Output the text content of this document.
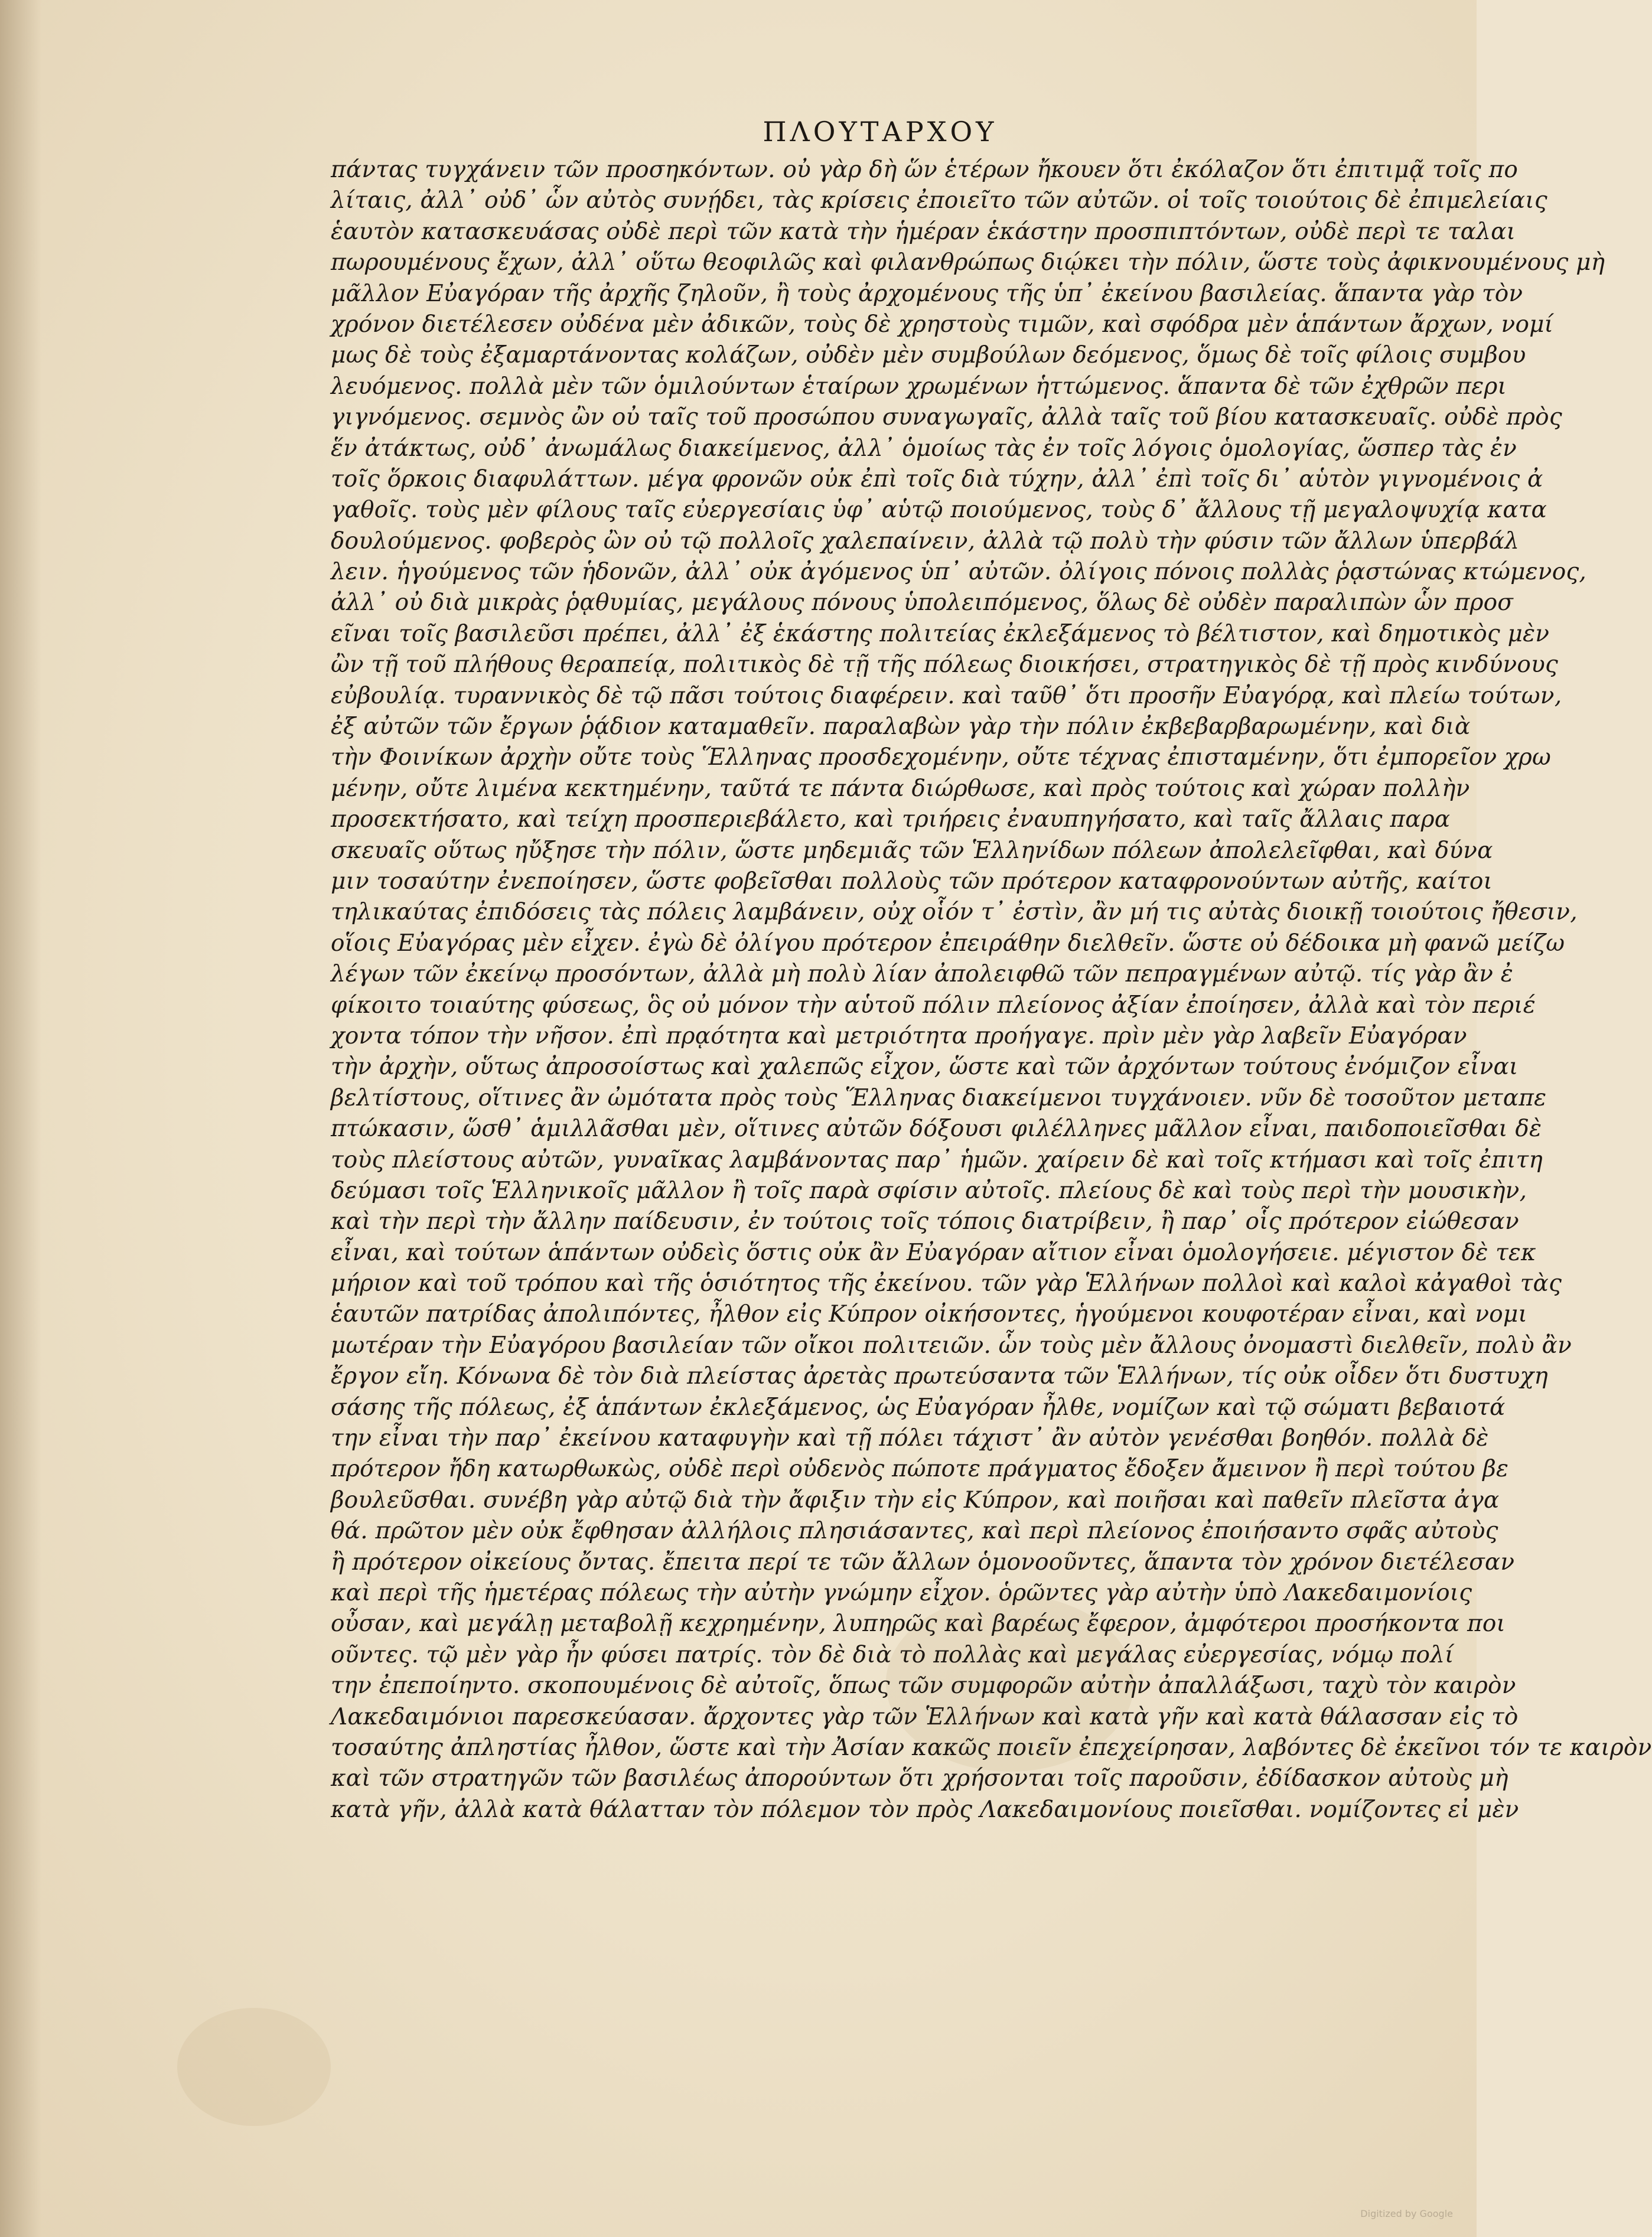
ΠΛΟΥΤΑΡΧΟΥ
πάντας τυγχάνειν τῶν προσηκόντων. οὐ γὰρ δὴ ὥν ἑτέρων ἤκουεν ὅτι ἐκόλαζον ὅτι ἐπιτιμᾷ τοῖς πο
λίταις, ἀλλ᾽ οὐδ᾽ ὧν αὐτὸς συνῄδει, τὰς κρίσεις ἐποιεῖτο τῶν αὐτῶν. οἱ τοῖς τοιούτοις δὲ ἐπιμελείαις
ἑαυτὸν κατασκευάσας οὐδὲ περὶ τῶν κατὰ τὴν ἡμέραν ἑκάστην προσπιπτόντων, οὐδὲ περὶ τε ταλαι
πωρουμένους ἔχων, ἀλλ᾽ οὕτω θεοφιλῶς καὶ φιλανθρώπως διῴκει τὴν πόλιν, ὥστε τοὺς ἀφικνουμένους μὴ
μᾶλλον Εὐαγόραν τῆς ἀρχῆς ζηλοῦν, ἢ τοὺς ἀρχομένους τῆς ὑπ᾽ ἐκείνου βασιλείας. ἅπαντα γὰρ τὸν
χρόνον διετέλεσεν οὐδένα μὲν ἀδικῶν, τοὺς δὲ χρηστοὺς τιμῶν, καὶ σφόδρα μὲν ἁπάντων ἄρχων, νομί
μως δὲ τοὺς ἐξαμαρτάνοντας κολάζων, οὐδὲν μὲν συμβούλων δεόμενος, ὅμως δὲ τοῖς φίλοις συμβου
λευόμενος. πολλὰ μὲν τῶν ὁμιλούντων ἑταίρων χρωμένων ἡττώμενος. ἅπαντα δὲ τῶν ἐχθρῶν περι
γιγνόμενος. σεμνὸς ὢν οὐ ταῖς τοῦ προσώπου συναγωγαῖς, ἀλλὰ ταῖς τοῦ βίου κατασκευαῖς. οὐδὲ πρὸς
ἕν ἀτάκτως, οὐδ᾽ ἀνωμάλως διακείμενος, ἀλλ᾽ ὁμοίως τὰς ἐν τοῖς λόγοις ὁμολογίας, ὥσπερ τὰς ἐν
τοῖς ὅρκοις διαφυλάττων. μέγα φρονῶν οὐκ ἐπὶ τοῖς διὰ τύχην, ἀλλ᾽ ἐπὶ τοῖς δι᾽ αὑτὸν γιγνομένοις ἀ
γαθοῖς. τοὺς μὲν φίλους ταῖς εὐεργεσίαις ὑφ᾽ αὑτῷ ποιούμενος, τοὺς δ᾽ ἄλλους τῇ μεγαλοψυχίᾳ κατα
δουλούμενος. φοβερὸς ὢν οὐ τῷ πολλοῖς χαλεπαίνειν, ἀλλὰ τῷ πολὺ τὴν φύσιν τῶν ἄλλων ὑπερβάλ
λειν. ἡγούμενος τῶν ἡδονῶν, ἀλλ᾽ οὐκ ἀγόμενος ὑπ᾽ αὐτῶν. ὀλίγοις πόνοις πολλὰς ῥᾳστώνας κτώμενος,
ἀλλ᾽ οὐ διὰ μικρὰς ῥᾳθυμίας, μεγάλους πόνους ὑπολειπόμενος, ὅλως δὲ οὐδὲν παραλιπὼν ὧν προσ
εῖναι τοῖς βασιλεῦσι πρέπει, ἀλλ᾽ ἐξ ἑκάστης πολιτείας ἐκλεξάμενος τὸ βέλτιστον, καὶ δημοτικὸς μὲν
ὢν τῇ τοῦ πλήθους θεραπείᾳ, πολιτικὸς δὲ τῇ τῆς πόλεως διοικήσει, στρατηγικὸς δὲ τῇ πρὸς κινδύνους
εὐβουλίᾳ. τυραννικὸς δὲ τῷ πᾶσι τούτοις διαφέρειν. καὶ ταῦθ᾽ ὅτι προσῆν Εὐαγόρᾳ, καὶ πλείω τούτων,
ἐξ αὐτῶν τῶν ἔργων ῥᾴδιον καταμαθεῖν. παραλαβὼν γὰρ τὴν πόλιν ἐκβεβαρβαρωμένην, καὶ διὰ
τὴν Φοινίκων ἀρχὴν οὔτε τοὺς Ἕλληνας προσδεχομένην, οὔτε τέχνας ἐπισταμένην, ὅτι ἐμπορεῖον χρω
μένην, οὔτε λιμένα κεκτημένην, ταῦτά τε πάντα διώρθωσε, καὶ πρὸς τούτοις καὶ χώραν πολλὴν
προσεκτήσατο, καὶ τείχη προσπεριεβάλετο, καὶ τριήρεις ἐναυπηγήσατο, καὶ ταῖς ἄλλαις παρα
σκευαῖς οὕτως ηὔξησε τὴν πόλιν, ὥστε μηδεμιᾶς τῶν Ἑλληνίδων πόλεων ἀπολελεῖφθαι, καὶ δύνα
μιν τοσαύτην ἐνεποίησεν, ὥστε φοβεῖσθαι πολλοὺς τῶν πρότερον καταφρονούντων αὐτῆς, καίτοι
τηλικαύτας ἐπιδόσεις τὰς πόλεις λαμβάνειν, οὐχ οἷόν τ᾽ ἐστὶν, ἂν μή τις αὐτὰς διοικῇ τοιούτοις ἤθεσιν,
οἵοις Εὐαγόρας μὲν εἶχεν. ἐγὼ δὲ ὀλίγου πρότερον ἐπειράθην διελθεῖν. ὥστε οὐ δέδοικα μὴ φανῶ μείζω
λέγων τῶν ἐκείνῳ προσόντων, ἀλλὰ μὴ πολὺ λίαν ἀπολειφθῶ τῶν πεπραγμένων αὐτῷ. τίς γὰρ ἂν ἐ
φίκοιτο τοιαύτης φύσεως, ὃς οὐ μόνον τὴν αὑτοῦ πόλιν πλείονος ἀξίαν ἐποίησεν, ἀλλὰ καὶ τὸν περιέ
χοντα τόπον τὴν νῆσον. ἐπὶ πρᾳότητα καὶ μετριότητα προήγαγε. πρὶν μὲν γὰρ λαβεῖν Εὐαγόραν
τὴν ἀρχὴν, οὕτως ἀπροσοίστως καὶ χαλεπῶς εἶχον, ὥστε καὶ τῶν ἀρχόντων τούτους ἐνόμιζον εἶναι
βελτίστους, οἵτινες ἂν ὠμότατα πρὸς τοὺς Ἕλληνας διακείμενοι τυγχάνοιεν. νῦν δὲ τοσοῦτον μεταπε
πτώκασιν, ὥσθ᾽ ἁμιλλᾶσθαι μὲν, οἵτινες αὐτῶν δόξουσι φιλέλληνες μᾶλλον εἶναι, παιδοποιεῖσθαι δὲ
τοὺς πλείστους αὐτῶν, γυναῖκας λαμβάνοντας παρ᾽ ἡμῶν. χαίρειν δὲ καὶ τοῖς κτήμασι καὶ τοῖς ἐπιτη
δεύμασι τοῖς Ἑλληνικοῖς μᾶλλον ἢ τοῖς παρὰ σφίσιν αὐτοῖς. πλείους δὲ καὶ τοὺς περὶ τὴν μουσικὴν,
καὶ τὴν περὶ τὴν ἄλλην παίδευσιν, ἐν τούτοις τοῖς τόποις διατρίβειν, ἢ παρ᾽ οἷς πρότερον εἰώθεσαν
εἶναι, καὶ τούτων ἁπάντων οὐδεὶς ὅστις οὐκ ἂν Εὐαγόραν αἴτιον εἶναι ὁμολογήσειε. μέγιστον δὲ τεκ
μήριον καὶ τοῦ τρόπου καὶ τῆς ὁσιότητος τῆς ἐκείνου. τῶν γὰρ Ἑλλήνων πολλοὶ καὶ καλοὶ κἀγαθοὶ τὰς
ἑαυτῶν πατρίδας ἀπολιπόντες, ἦλθον εἰς Κύπρον οἰκήσοντες, ἡγούμενοι κουφοτέραν εἶναι, καὶ νομι
μωτέραν τὴν Εὐαγόρου βασιλείαν τῶν οἴκοι πολιτειῶν. ὧν τοὺς μὲν ἄλλους ὀνομαστὶ διελθεῖν, πολὺ ἂν
ἔργον εἴη. Κόνωνα δὲ τὸν διὰ πλείστας ἀρετὰς πρωτεύσαντα τῶν Ἑλλήνων, τίς οὐκ οἶδεν ὅτι δυστυχη
σάσης τῆς πόλεως, ἐξ ἁπάντων ἐκλεξάμενος, ὡς Εὐαγόραν ἦλθε, νομίζων καὶ τῷ σώματι βεβαιοτά
την εἶναι τὴν παρ᾽ ἐκείνου καταφυγὴν καὶ τῇ πόλει τάχιστ᾽ ἂν αὐτὸν γενέσθαι βοηθόν. πολλὰ δὲ
πρότερον ἤδη κατωρθωκὼς, οὐδὲ περὶ οὐδενὸς πώποτε πράγματος ἔδοξεν ἄμεινον ἢ περὶ τούτου βε
βουλεῦσθαι. συνέβη γὰρ αὐτῷ διὰ τὴν ἄφιξιν τὴν εἰς Κύπρον, καὶ ποιῆσαι καὶ παθεῖν πλεῖστα ἀγα
θά. πρῶτον μὲν οὐκ ἔφθησαν ἀλλήλοις πλησιάσαντες, καὶ περὶ πλείονος ἐποιήσαντο σφᾶς αὐτοὺς
ἢ πρότερον οἰκείους ὄντας. ἔπειτα περί τε τῶν ἄλλων ὁμονοοῦντες, ἅπαντα τὸν χρόνον διετέλεσαν
καὶ περὶ τῆς ἡμετέρας πόλεως τὴν αὐτὴν γνώμην εἶχον. ὁρῶντες γὰρ αὐτὴν ὑπὸ Λακεδαιμονίοις
οὖσαν, καὶ μεγάλῃ μεταβολῇ κεχρημένην, λυπηρῶς καὶ βαρέως ἔφερον, ἀμφότεροι προσήκοντα ποι
οῦντες. τῷ μὲν γὰρ ἦν φύσει πατρίς. τὸν δὲ διὰ τὸ πολλὰς καὶ μεγάλας εὐεργεσίας, νόμῳ πολί
την ἐπεποίηντο. σκοπουμένοις δὲ αὐτοῖς, ὅπως τῶν συμφορῶν αὐτὴν ἀπαλλάξωσι, ταχὺ τὸν καιρὸν
Λακεδαιμόνιοι παρεσκεύασαν. ἄρχοντες γὰρ τῶν Ἑλλήνων καὶ κατὰ γῆν καὶ κατὰ θάλασσαν εἰς τὸ
τοσαύτης ἀπληστίας ἦλθον, ὥστε καὶ τὴν Ἀσίαν κακῶς ποιεῖν ἐπεχείρησαν, λαβόντες δὲ ἐκεῖνοι τόν τε καιρὸν
καὶ τῶν στρατηγῶν τῶν βασιλέως ἀπορούντων ὅτι χρήσονται τοῖς παροῦσιν, ἐδίδασκον αὐτοὺς μὴ
κατὰ γῆν, ἀλλὰ κατὰ θάλατταν τὸν πόλεμον τὸν πρὸς Λακεδαιμονίους ποιεῖσθαι. νομίζοντες εἰ μὲν
Digitized by Google
